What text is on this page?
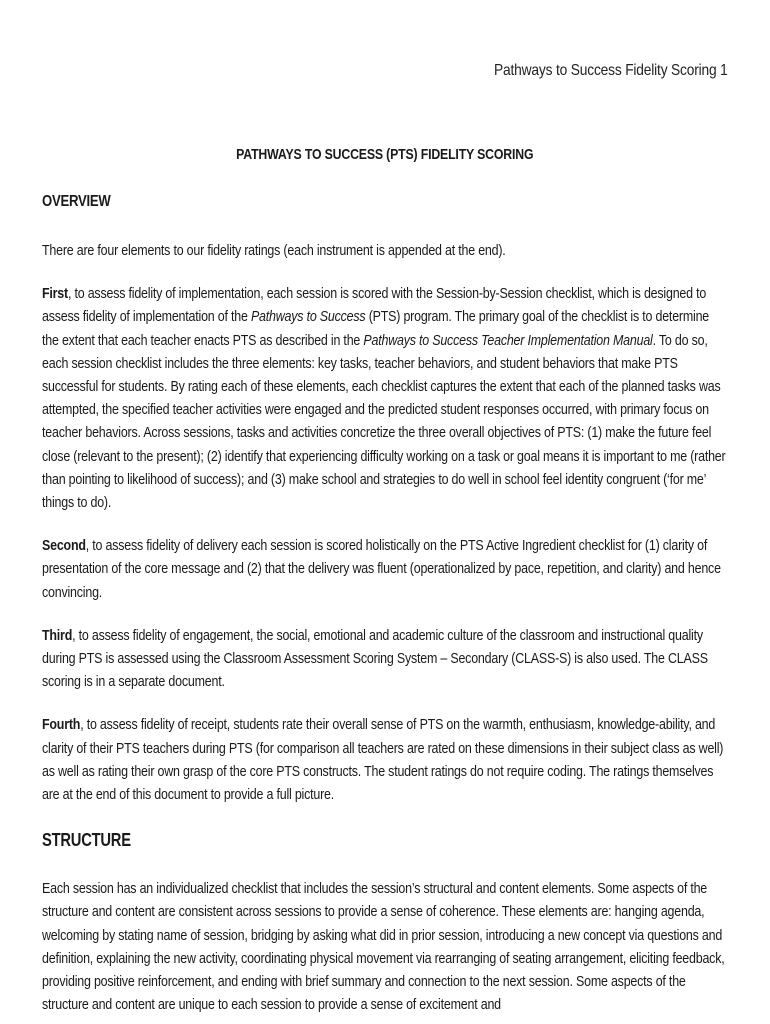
Pathways to Success Fidelity Scoring 1
PATHWAYS TO SUCCESS (PTS) FIDELITY SCORING
OVERVIEW

There are four elements to our fidelity ratings (each instrument is appended at the end).

First, to assess fidelity of implementation, each session is scored with the Session-by-Session checklist, which is designed to assess fidelity of implementation of the Pathways to Success (PTS) program. The primary goal of the checklist is to determine the extent that each teacher enacts PTS as described in the Pathways to Success Teacher Implementation Manual. To do so, each session checklist includes the three elements: key tasks, teacher behaviors, and student behaviors that make PTS successful for students. By rating each of these elements, each checklist captures the extent that each of the planned tasks was attempted, the specified teacher activities were engaged and the predicted student responses occurred, with primary focus on teacher behaviors. Across sessions, tasks and activities concretize the three overall objectives of PTS: (1) make the future feel close (relevant to the present); (2) identify that experiencing difficulty working on a task or goal means it is important to me (rather than pointing to likelihood of success); and (3) make school and strategies to do well in school feel identity congruent (‘for me’ things to do).

Second, to assess fidelity of delivery each session is scored holistically on the PTS Active Ingredient checklist for (1) clarity of presentation of the core message and (2) that the delivery was fluent (operationalized by pace, repetition, and clarity) and hence convincing.

Third, to assess fidelity of engagement, the social, emotional and academic culture of the classroom and instructional quality during PTS is assessed using the Classroom Assessment Scoring System – Secondary (CLASS-S) is also used. The CLASS scoring is in a separate document.

Fourth, to assess fidelity of receipt, students rate their overall sense of PTS on the warmth, enthusiasm, knowledge-ability, and clarity of their PTS teachers during PTS (for comparison all teachers are rated on these dimensions in their subject class as well) as well as rating their own grasp of the core PTS constructs. The student ratings do not require coding. The ratings themselves are at the end of this document to provide a full picture.

STRUCTURE

Each session has an individualized checklist that includes the session’s structural and content elements. Some aspects of the structure and content are consistent across sessions to provide a sense of coherence. These elements are: hanging agenda, welcoming by stating name of session, bridging by asking what did in prior session, introducing a new concept via questions and definition, explaining the new activity, coordinating physical movement via rearranging of seating arrangement, eliciting feedback, providing positive reinforcement, and ending with brief summary and connection to the next session. Some aspects of the structure and content are unique to each session to provide a sense of excitement and
